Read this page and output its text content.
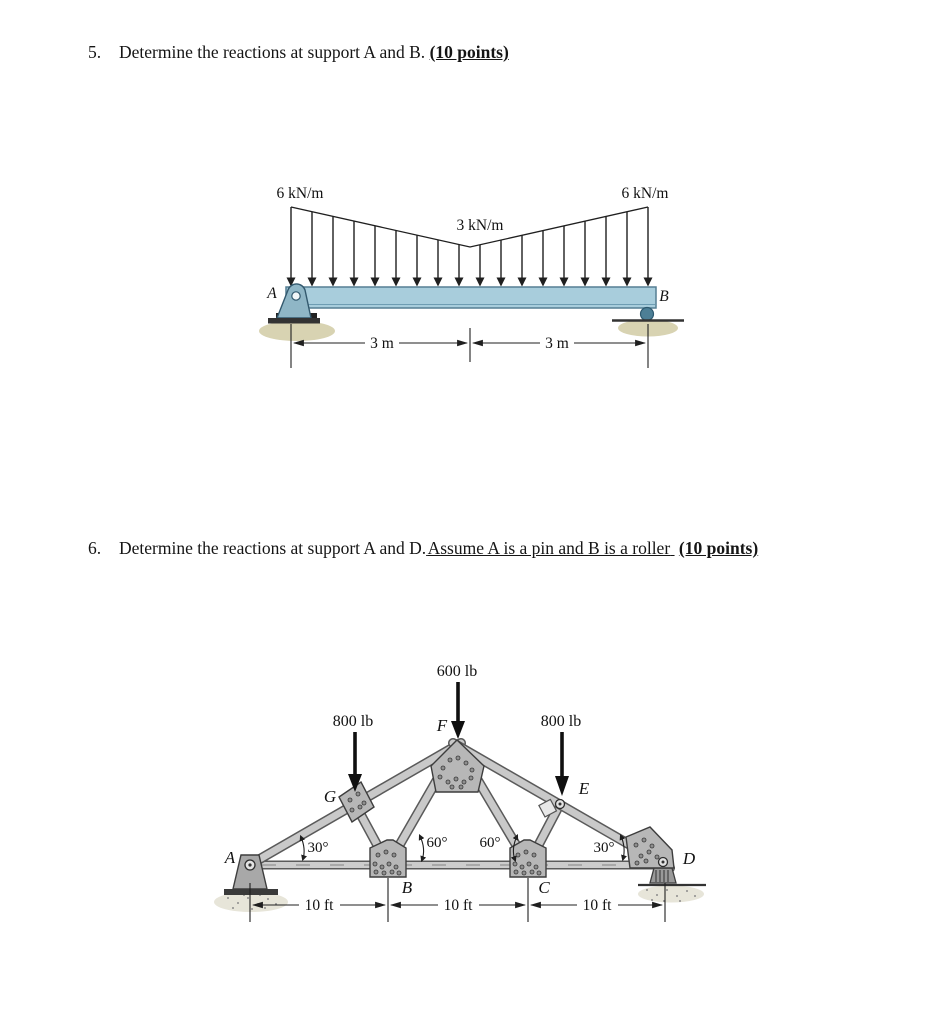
5. Determine the reactions at support A and B. (10 points)
6 kN/m	6 kN/m
3 kN/m
A	B
3 m	3 m
6. Determine the reactions at support A and D. Assume A is a pin and B is a roller (10 points)
600 lb
800 lb	800 lb
30°	60° 60°	30°
A
B	C
D
E
F
G
10 ft	10 ft	10 ft
